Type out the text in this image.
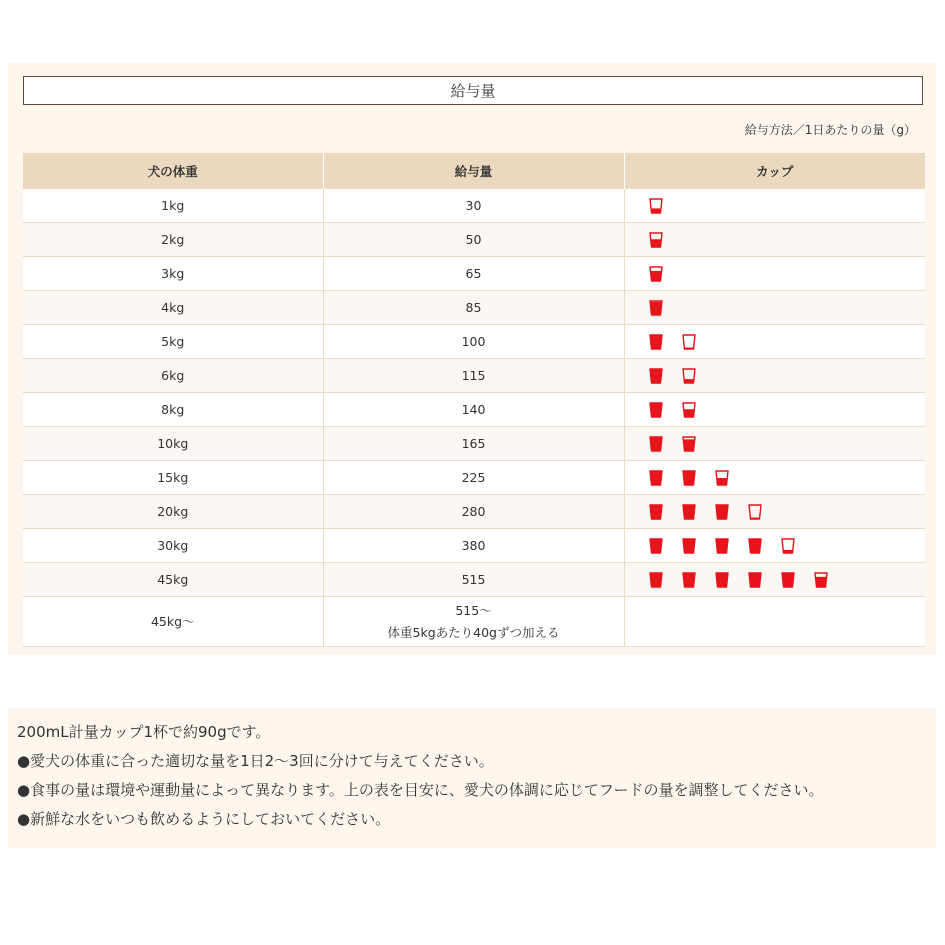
給与量
給与方法／1日あたりの量（g）
犬の体重	給与量	カップ
1kg	30	

2kg	50	

3kg	65	

4kg	85	

5kg	100	

6kg	115	

8kg	140	

10kg	165	

15kg	225	

20kg	280	

30kg	380	

45kg	515	

45kg〜	515〜
体重5kgあたり40gずつ加える	

200mL計量カップ1杯で約90gです。

●愛犬の体重に合った適切な量を1日2〜3回に分けて与えてください。

●食事の量は環境や運動量によって異なります。上の表を目安に、愛犬の体調に応じてフードの量を調整してください。

●新鮮な水をいつも飲めるようにしておいてください。
